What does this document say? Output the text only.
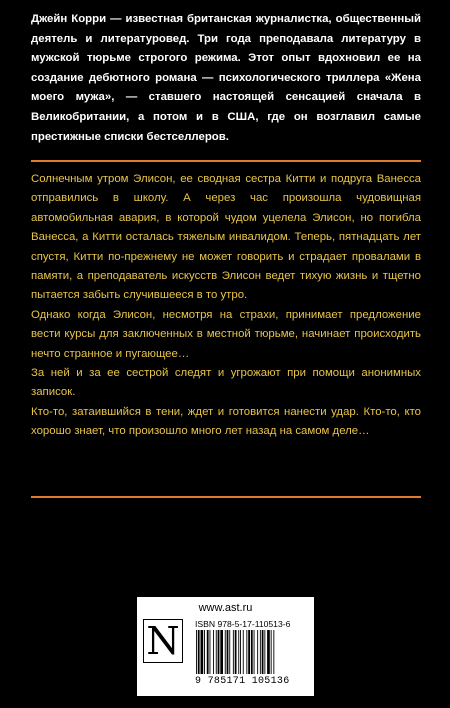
Джейн Корри — известная британская журналистка, общественный деятель и литературовед. Три года преподавала литературу в мужской тюрьме строгого режима. Этот опыт вдохновил ее на создание дебютного романа — психологического триллера «Жена моего мужа», — ставшего настоящей сенсацией сначала в Великобритании, а потом и в США, где он возглавил самые престижные списки бестселлеров.

Солнечным утром Элисон, ее сводная сестра Китти и подруга Ванесса отправились в школу. А через час произошла чудовищная автомобильная авария, в которой чудом уцелела Элисон, но погибла Ванесса, а Китти осталась тяжелым инвалидом. Теперь, пятнадцать лет спустя, Китти по-прежнему не может говорить и страдает провалами в памяти, а преподаватель искусств Элисон ведет тихую жизнь и тщетно пытается забыть случившееся в то утро.

Однако когда Элисон, несмотря на страхи, принимает предложение вести курсы для заключенных в местной тюрьме, начинает происходить нечто странное и пугающее…

За ней и за ее сестрой следят и угрожают при помощи анонимных записок.

Кто-то, затаившийся в тени, ждет и готовится нанести удар. Кто-то, кто хорошо знает, что произошло много лет назад на самом деле…

www.ast.ru

N	ISBN 978-5-17-110513-6

9 785171 105136
